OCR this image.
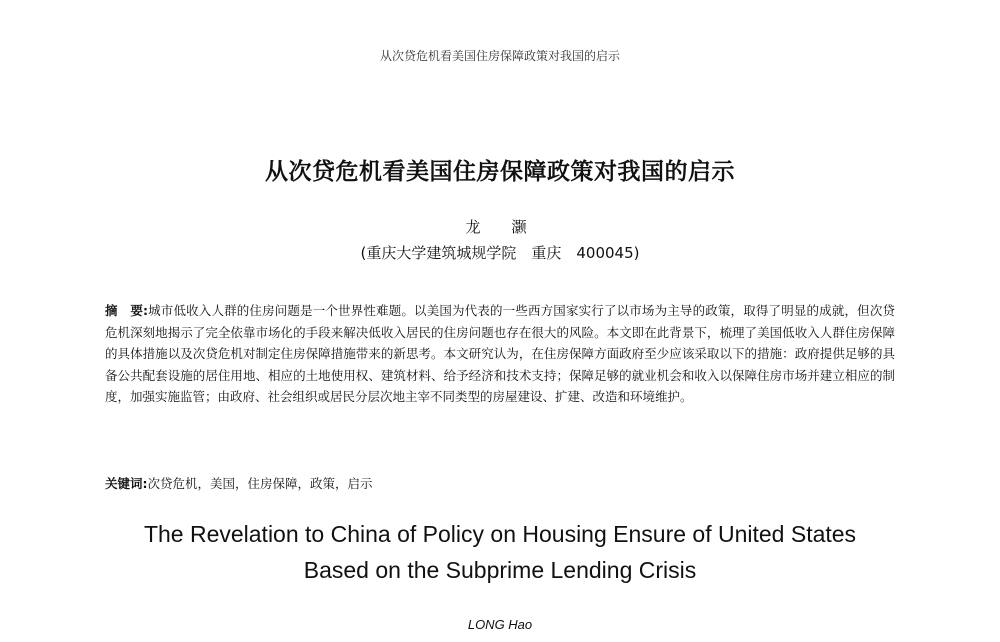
从次贷危机看美国住房保障政策对我国的启示
从次贷危机看美国住房保障政策对我国的启示
龙　灏
(重庆大学建筑城规学院　重庆　400045)
摘　要:城市低收入人群的住房问题是一个世界性难题。以美国为代表的一些西方国家实行了以市场为主导的政策，取得了明显的成就，但次贷危机深刻地揭示了完全依靠市场化的手段来解决低收入居民的住房问题也存在很大的风险。本文即在此背景下，梳理了美国低收入人群住房保障的具体措施以及次贷危机对制定住房保障措施带来的新思考。本文研究认为，在住房保障方面政府至少应该采取以下的措施：政府提供足够的具备公共配套设施的居住用地、相应的土地使用权、建筑材料、给予经济和技术支持；保障足够的就业机会和收入以保障住房市场并建立相应的制度，加强实施监管；由政府、社会组织或居民分层次地主宰不同类型的房屋建设、扩建、改造和环境维护。
关键词:次贷危机，美国，住房保障，政策，启示
The Revelation to China of Policy on Housing Ensure of United States
Based on the Subprime Lending Crisis
LONG Hao
